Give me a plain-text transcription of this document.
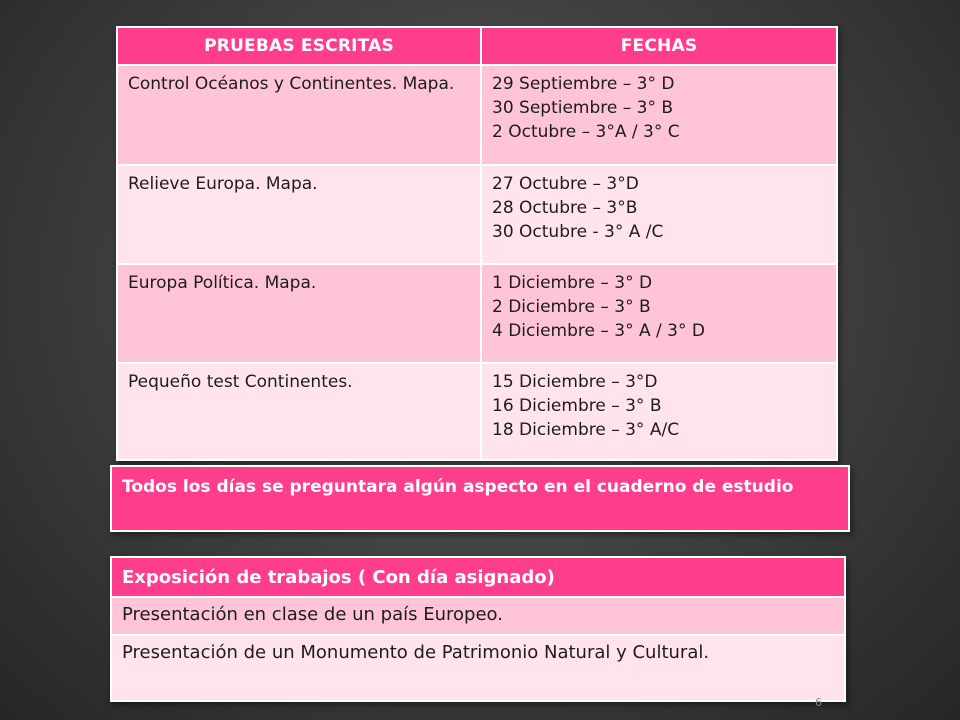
PRUEBAS ESCRITAS	FECHAS
Control Océanos y Continentes. Mapa.	29 Septiembre – 3° D
30 Septiembre – 3° B
2 Octubre – 3°A / 3° C

Relieve Europa. Mapa.	27 Octubre – 3°D
28 Octubre – 3°B
30 Octubre - 3° A /C

Europa Política. Mapa.	1 Diciembre – 3° D
2 Diciembre – 3° B
4 Diciembre – 3° A / 3° D

Pequeño test Continentes.	15 Diciembre – 3°D
16 Diciembre – 3° B
18 Diciembre – 3° A/C
Todos los días se preguntara algún aspecto en el cuaderno de estudio
Exposición de trabajos ( Con día asignado)
Presentación en clase de un país Europeo.
Presentación de un Monumento de Patrimonio Natural y Cultural.
6
